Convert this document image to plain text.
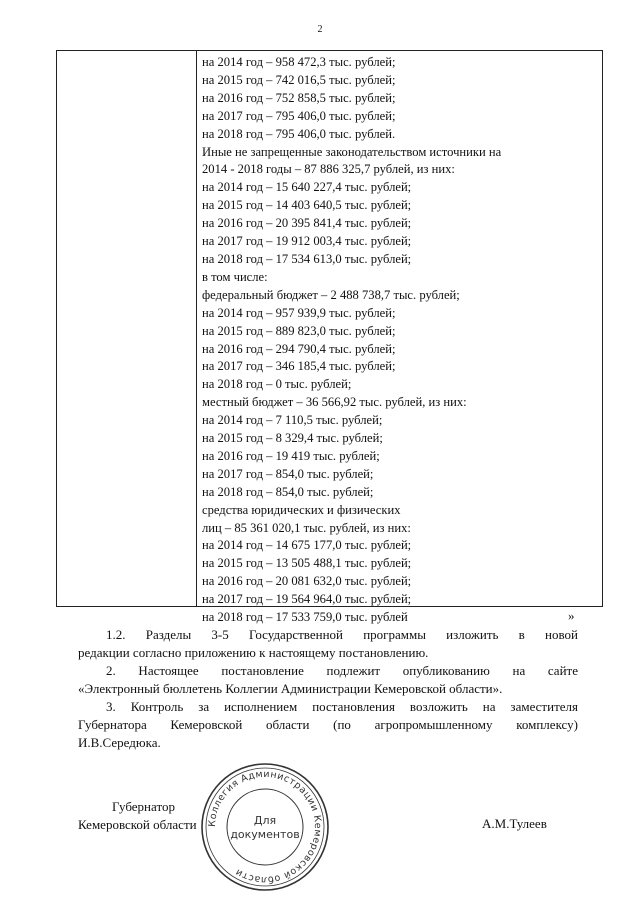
2
на 2014 год – 958 472,3 тыс. рублей;
на 2015 год – 742 016,5 тыс. рублей;
на 2016 год – 752 858,5 тыс. рублей;
на 2017 год – 795 406,0 тыс. рублей;
на 2018 год – 795 406,0 тыс. рублей.
Иные не запрещенные законодательством источники на
2014 - 2018 годы – 87 886 325,7 рублей, из них:
на 2014 год – 15 640 227,4 тыс. рублей;
на 2015 год – 14 403 640,5 тыс. рублей;
на 2016 год – 20 395 841,4 тыс. рублей;
на 2017 год – 19 912 003,4 тыс. рублей;
на 2018 год – 17 534 613,0 тыс. рублей;
в том числе:
федеральный бюджет – 2 488 738,7 тыс. рублей;
на 2014 год – 957 939,9 тыс. рублей;
на 2015 год – 889 823,0 тыс. рублей;
на 2016 год – 294 790,4 тыс. рублей;
на 2017 год – 346 185,4 тыс. рублей;
на 2018 год – 0 тыс. рублей;
местный бюджет – 36 566,92 тыс. рублей, из них:
на 2014 год – 7 110,5 тыс. рублей;
на 2015 год – 8 329,4 тыс. рублей;
на 2016 год – 19 419 тыс. рублей;
на 2017 год – 854,0 тыс. рублей;
на 2018 год – 854,0 тыс. рублей;
средства юридических и физических
лиц – 85 361 020,1 тыс. рублей, из них:
на 2014 год – 14 675 177,0 тыс. рублей;
на 2015 год – 13 505 488,1 тыс. рублей;
на 2016 год – 20 081 632,0 тыс. рублей;
на 2017 год – 19 564 964,0 тыс. рублей;
на 2018 год – 17 533 759,0 тыс. рублей	»
1.2. Разделы 3-5 Государственной программы изложить в новой
редакции согласно приложению к настоящему постановлению.
2. Настоящее постановление подлежит опубликованию на сайте
«Электронный бюллетень Коллегии Администрации Кемеровской области».
3. Контроль за исполнением постановления возложить на заместителя
Губернатора Кемеровской области (по агропромышленному комплексу)
И.В.Середюка.
Губернатор
Кемеровской области	А.М.Тулеев
Коллегия Администрации Кемеровской области
Для
документов
